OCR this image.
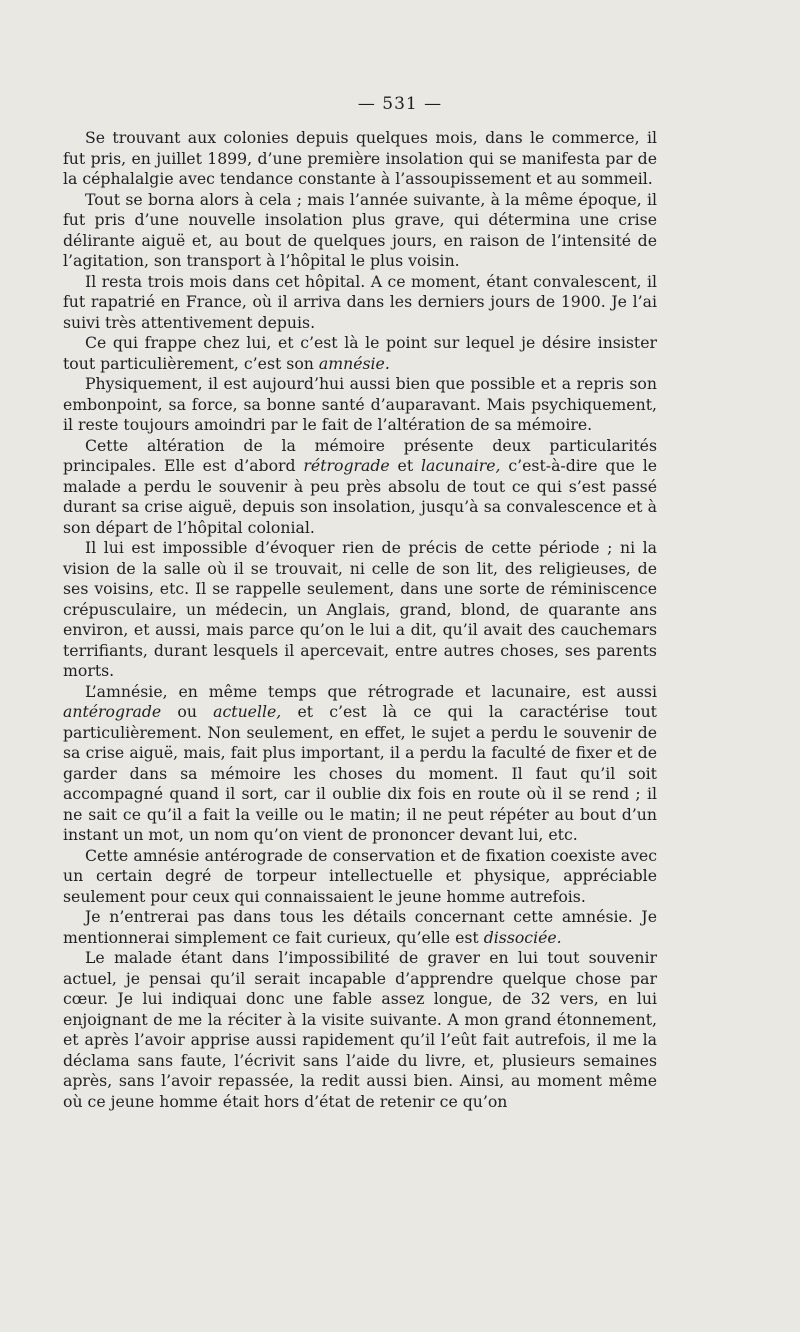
— 531 —

Se trouvant aux colonies depuis quelques mois, dans le commerce, il fut pris, en juillet 1899, d’une première insolation qui se manifesta par de la céphalalgie avec tendance constante à l’assoupissement et au sommeil.

Tout se borna alors à cela ; mais l’année suivante, à la même époque, il fut pris d’une nouvelle insolation plus grave, qui détermina une crise délirante aiguë et, au bout de quelques jours, en raison de l’intensité de l’agitation, son transport à l’hôpital le plus voisin.

Il resta trois mois dans cet hôpital. A ce moment, étant convalescent, il fut rapatrié en France, où il arriva dans les derniers jours de 1900. Je l’ai suivi très attentivement depuis.

Ce qui frappe chez lui, et c’est là le point sur lequel je désire insister tout particulièrement, c’est son amnésie.

Physiquement, il est aujourd’hui aussi bien que possible et a repris son embonpoint, sa force, sa bonne santé d’auparavant. Mais psychiquement, il reste toujours amoindri par le fait de l’altération de sa mémoire.

Cette altération de la mémoire présente deux particularités principales. Elle est d’abord rétrograde et lacunaire, c’est-à-dire que le malade a perdu le souvenir à peu près absolu de tout ce qui s’est passé durant sa crise aiguë, depuis son insolation, jusqu’à sa convalescence et à son départ de l’hôpital colonial.

Il lui est impossible d’évoquer rien de précis de cette période ; ni la vision de la salle où il se trouvait, ni celle de son lit, des religieuses, de ses voisins, etc. Il se rappelle seulement, dans une sorte de réminiscence crépusculaire, un médecin, un Anglais, grand, blond, de quarante ans environ, et aussi, mais parce qu’on le lui a dit, qu’il avait des cauchemars terrifiants, durant lesquels il apercevait, entre autres choses, ses parents morts.

L’amnésie, en même temps que rétrograde et lacunaire, est aussi antérograde ou actuelle, et c’est là ce qui la caractérise tout particulièrement. Non seulement, en effet, le sujet a perdu le souvenir de sa crise aiguë, mais, fait plus important, il a perdu la faculté de fixer et de garder dans sa mémoire les choses du moment. Il faut qu’il soit accompagné quand il sort, car il oublie dix fois en route où il se rend ; il ne sait ce qu’il a fait la veille ou le matin; il ne peut répéter au bout d’un instant un mot, un nom qu’on vient de prononcer devant lui, etc.

Cette amnésie antérograde de conservation et de fixation coexiste avec un certain degré de torpeur intellectuelle et physique, appréciable seulement pour ceux qui connaissaient le jeune homme autrefois.

Je n’entrerai pas dans tous les détails concernant cette amnésie. Je mentionnerai simplement ce fait curieux, qu’elle est dissociée.

Le malade étant dans l’impossibilité de graver en lui tout souvenir actuel, je pensai qu’il serait incapable d’apprendre quelque chose par cœur. Je lui indiquai donc une fable assez longue, de 32 vers, en lui enjoignant de me la réciter à la visite suivante. A mon grand étonnement, et après l’avoir apprise aussi rapidement qu’il l’eût fait autrefois, il me la déclama sans faute, l’écrivit sans l’aide du livre, et, plusieurs semaines après, sans l’avoir repassée, la redit aussi bien. Ainsi, au moment même où ce jeune homme était hors d’état de retenir ce qu’on
